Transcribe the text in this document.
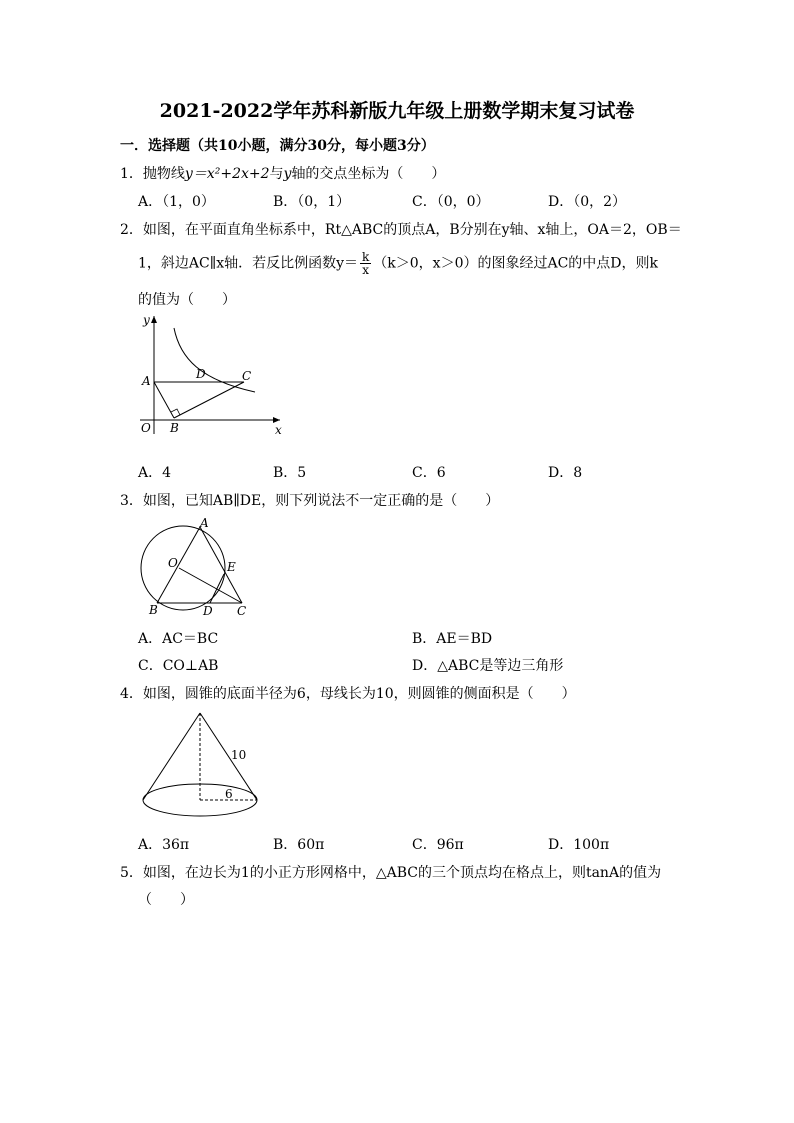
2021-2022学年苏科新版九年级上册数学期末复习试卷
一．选择题（共10小题，满分30分，每小题3分）
1．抛物线y＝x²+2x+2与y轴的交点坐标为（　　）
A．（1，0）	B．（0，1）	C．（0，0）	D．（0，2）
2．如图，在平面直角坐标系中，Rt△ABC的顶点A，B分别在y轴、x轴上，OA＝2，OB＝
1，斜边AC∥x轴．若反比例函数$y= \frac{k}{x} (k>0$，x＞0）的图象经过AC的中点D，则k
的值为（　　）
y
x
O
A
B
C
D
A．4	B．5	C．6	D．8
3．如图，已知AB∥DE，则下列说法不一定正确的是（　　）
A
O	E
B	D C
A．AC＝BC	B．AE＝BD
C．CO⊥AB	D．△ABC是等边三角形
4．如图，圆锥的底面半径为6，母线长为10，则圆锥的侧面积是（　　）
10
6
A．36π	B．60π	C．96π	D．100π
5．如图，在边长为1的小正方形网格中，△ABC的三个顶点均在格点上，则tanA的值为
（　　）
